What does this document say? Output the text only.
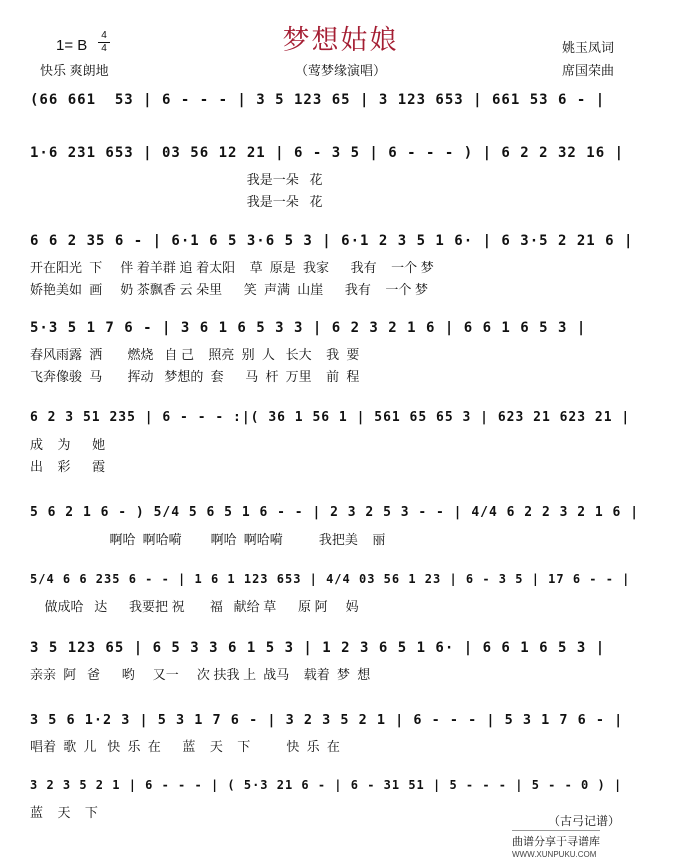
梦想姑娘
1= B
4
4
快乐 爽朗地	（莺梦缘演唱）
姚玉凤词
席国荣曲
(66 661  53 | 6 - - - | 3 5 123 65 | 3 123 653 | 661 53 6 - |
1·6 231 653 | 03 56 12 21 | 6 - 3 5 | 6 - - - ) | 6 2 2 32 16 |
我是一朵   花
我是一朵   花
6 6 2 35 6 - | 6·1 6 5 3·6 5 3 | 6·1 2 3 5 1 6· | 6 3·5 2 21 6 |
开在阳光  下     伴 着羊群 追 着太阳    草  原是  我家      我有    一个 梦
娇艳美如  画     奶 茶飘香 云 朵里      笑  声满  山崖      我有    一个 梦
5·3 5 1 7 6 - | 3 6 1 6 5 3 3 | 6 2 3 2 1 6 | 6 6 1 6 5 3 |
春风雨露  洒       燃烧   自 己    照亮  别  人   长大    我  要
飞奔像骏  马       挥动   梦想的  套      马  杆  万里    前  程
6 2 3 51 235 | 6 - - - :|( 36 1 56 1 | 561 65 65 3 | 623 21 623 21 |
成    为      她
出    彩      霞
5 6 2 1 6 - ) 5/4 5 6 5 1 6 - - | 2 3 2 5 3 - - | 4/4 6 2 2 3 2 1 6 |
啊哈  啊哈嗬        啊哈  啊哈嗬          我把美    丽
5/4 6 6 235 6 - - | 1 6 1 123 653 | 4/4 03 56 1 23 | 6 - 3 5 | 17 6 - - |
做成哈   达      我要把 祝       福   献给 草      原 阿     妈
3 5 123 65 | 6 5 3 3 6 1 5 3 | 1 2 3 6 5 1 6· | 6 6 1 6 5 3 |
亲亲  阿   爸      哟     又一     次 扶我 上  战马    载着  梦  想
3 5 6 1·2 3 | 5 3 1 7 6 - | 3 2 3 5 2 1 | 6 - - - | 5 3 1 7 6 - |
唱着  歌  儿   快  乐  在      蓝    天    下          快  乐  在
3 2 3 5 2 1 | 6 - - - | ( 5·3 21 6 - | 6 - 31 51 | 5 - - - | 5 - - 0 ) |
蓝    天    下
（古弓记谱）
曲谱分享于寻谱库
WWW.XUNPUKU.COM
